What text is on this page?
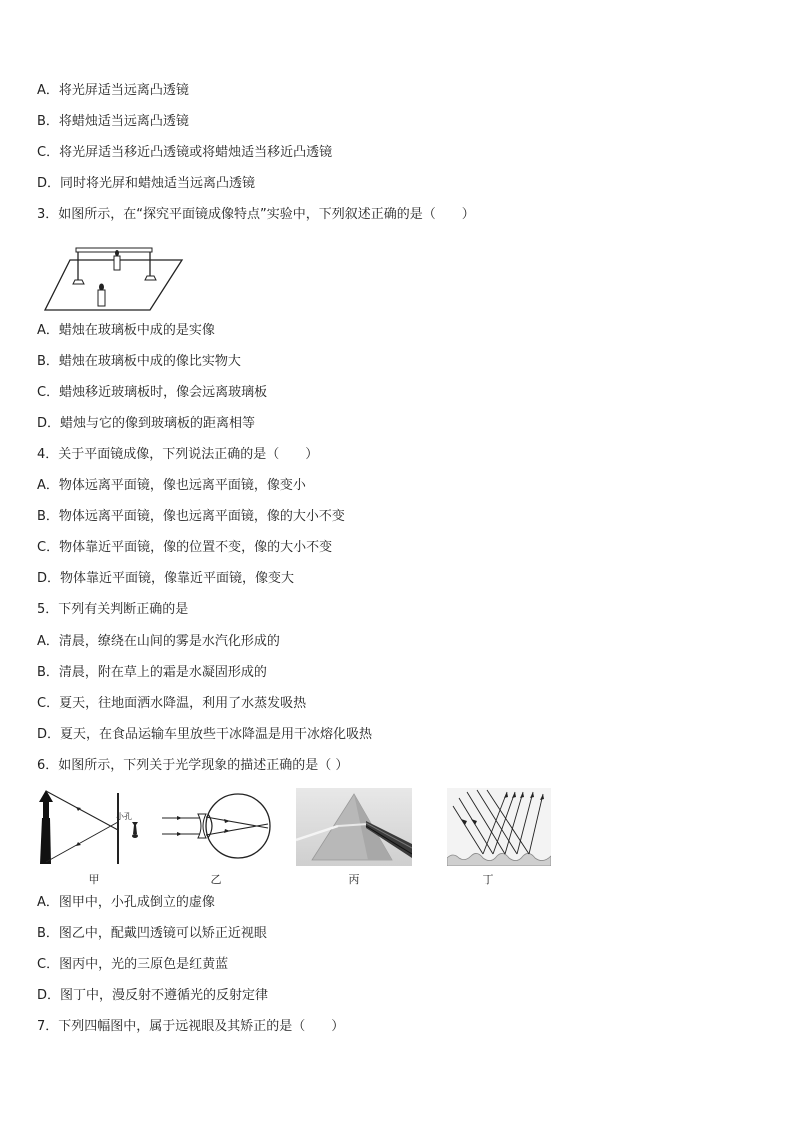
A．将光屏适当远离凸透镜
B．将蜡烛适当远离凸透镜
C．将光屏适当移近凸透镜或将蜡烛适当移近凸透镜
D．同时将光屏和蜡烛适当远离凸透镜
3．如图所示，在“探究平面镜成像特点”实验中，下列叙述正确的是（　　）
A．蜡烛在玻璃板中成的是实像
B．蜡烛在玻璃板中成的像比实物大
C．蜡烛移近玻璃板时，像会远离玻璃板
D．蜡烛与它的像到玻璃板的距离相等
4．关于平面镜成像，下列说法正确的是（　　）
A．物体远离平面镜，像也远离平面镜，像变小
B．物体远离平面镜，像也远离平面镜，像的大小不变
C．物体靠近平面镜，像的位置不变，像的大小不变
D．物体靠近平面镜，像靠近平面镜，像变大
5．下列有关判断正确的是
A．清晨，缭绕在山间的雾是水汽化形成的
B．清晨，附在草上的霜是水凝固形成的
C．夏天，往地面洒水降温，利用了水蒸发吸热
D．夏天，在食品运输车里放些干冰降温是用干冰熔化吸热
6．如图所示，下列关于光学现象的描述正确的是（ ）
小孔
甲	乙	丙	丁
A．图甲中，小孔成倒立的虚像
B．图乙中，配戴凹透镜可以矫正近视眼
C．图丙中，光的三原色是红黄蓝
D．图丁中，漫反射不遵循光的反射定律
7．下列四幅图中，属于远视眼及其矫正的是（　　）
